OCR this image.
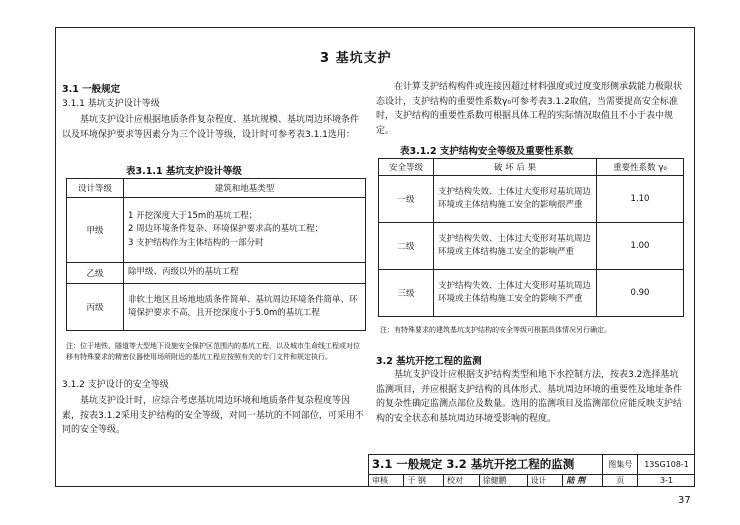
3 基坑支护
3.1 一般规定
3.1.1 基坑支护设计等级
基坑支护设计应根据地质条件复杂程度、基坑规模、基坑周边环境条件以及环境保护要求等因素分为三个设计等级，设计时可参考表3.1.1选用：
表3.1.1 基坑支护设计等级
设计等级	建筑和地基类型
甲级	1 开挖深度大于15m的基坑工程；
2 周边环境条件复杂、环境保护要求高的基坑工程；
3 支护结构作为主体结构的一部分时

乙级	除甲级、丙级以外的基坑工程
丙级	非软土地区且场地地质条件简单、基坑周边环境条件简单、环境保护要求不高，且开挖深度小于5.0m的基坑工程
注：位于地铁、隧道等大型地下设施安全保护区范围内的基坑工程，以及城市生命线工程或对位移有特殊要求的精密仪器使用场所附近的基坑工程应按照有关的专门文件和规定执行。
3.1.2 支护设计的安全等级
基坑支护设计时，应综合考虑基坑周边环境和地质条件复杂程度等因素，按表3.1.2采用支护结构的安全等级，对同一基坑的不同部位，可采用不同的安全等级。
在计算支护结构构件或连接因超过材料强度或过度变形侧承载能力极限状态设计，支护结构的重要性系数γ₀可参考表3.1.2取值，当需要提高安全标准时，支护结构的重要性系数可根据具体工程的实际情况取值且不小于表中规定。
表3.1.2 支护结构安全等级及重要性系数
安全等级	破 坏 后 果	重要性系数 γ₀
一级	支护结构失效、土体过大变形对基坑周边环境或主体结构施工安全的影响很严重	1.10
二级	支护结构失效、土体过大变形对基坑周边环境或主体结构施工安全的影响严重	1.00
三级	支护结构失效、土体过大变形对基坑周边环境或主体结构施工安全的影响不严重	0.90
注：有特殊要求的建筑基坑支护结构的安全等级可根据具体情况另行确定。
3.2 基坑开挖工程的监测
基坑支护设计应根据支护结构类型和地下水控制方法，按表3.2选择基坑监测项目，并应根据支护结构的具体形式、基坑周边环境的重要性及地址条件的复杂性确定监测点部位及数量。选用的监测项目及监测部位应能反映支护结构的安全状态和基坑周边环境受影响的程度。
3.1 一般规定 3.2 基坑开挖工程的监测						图集号	13SG108-1
审核	于 钢	校对	徐健鹏	设计	陆 荆	页	3-1
37
